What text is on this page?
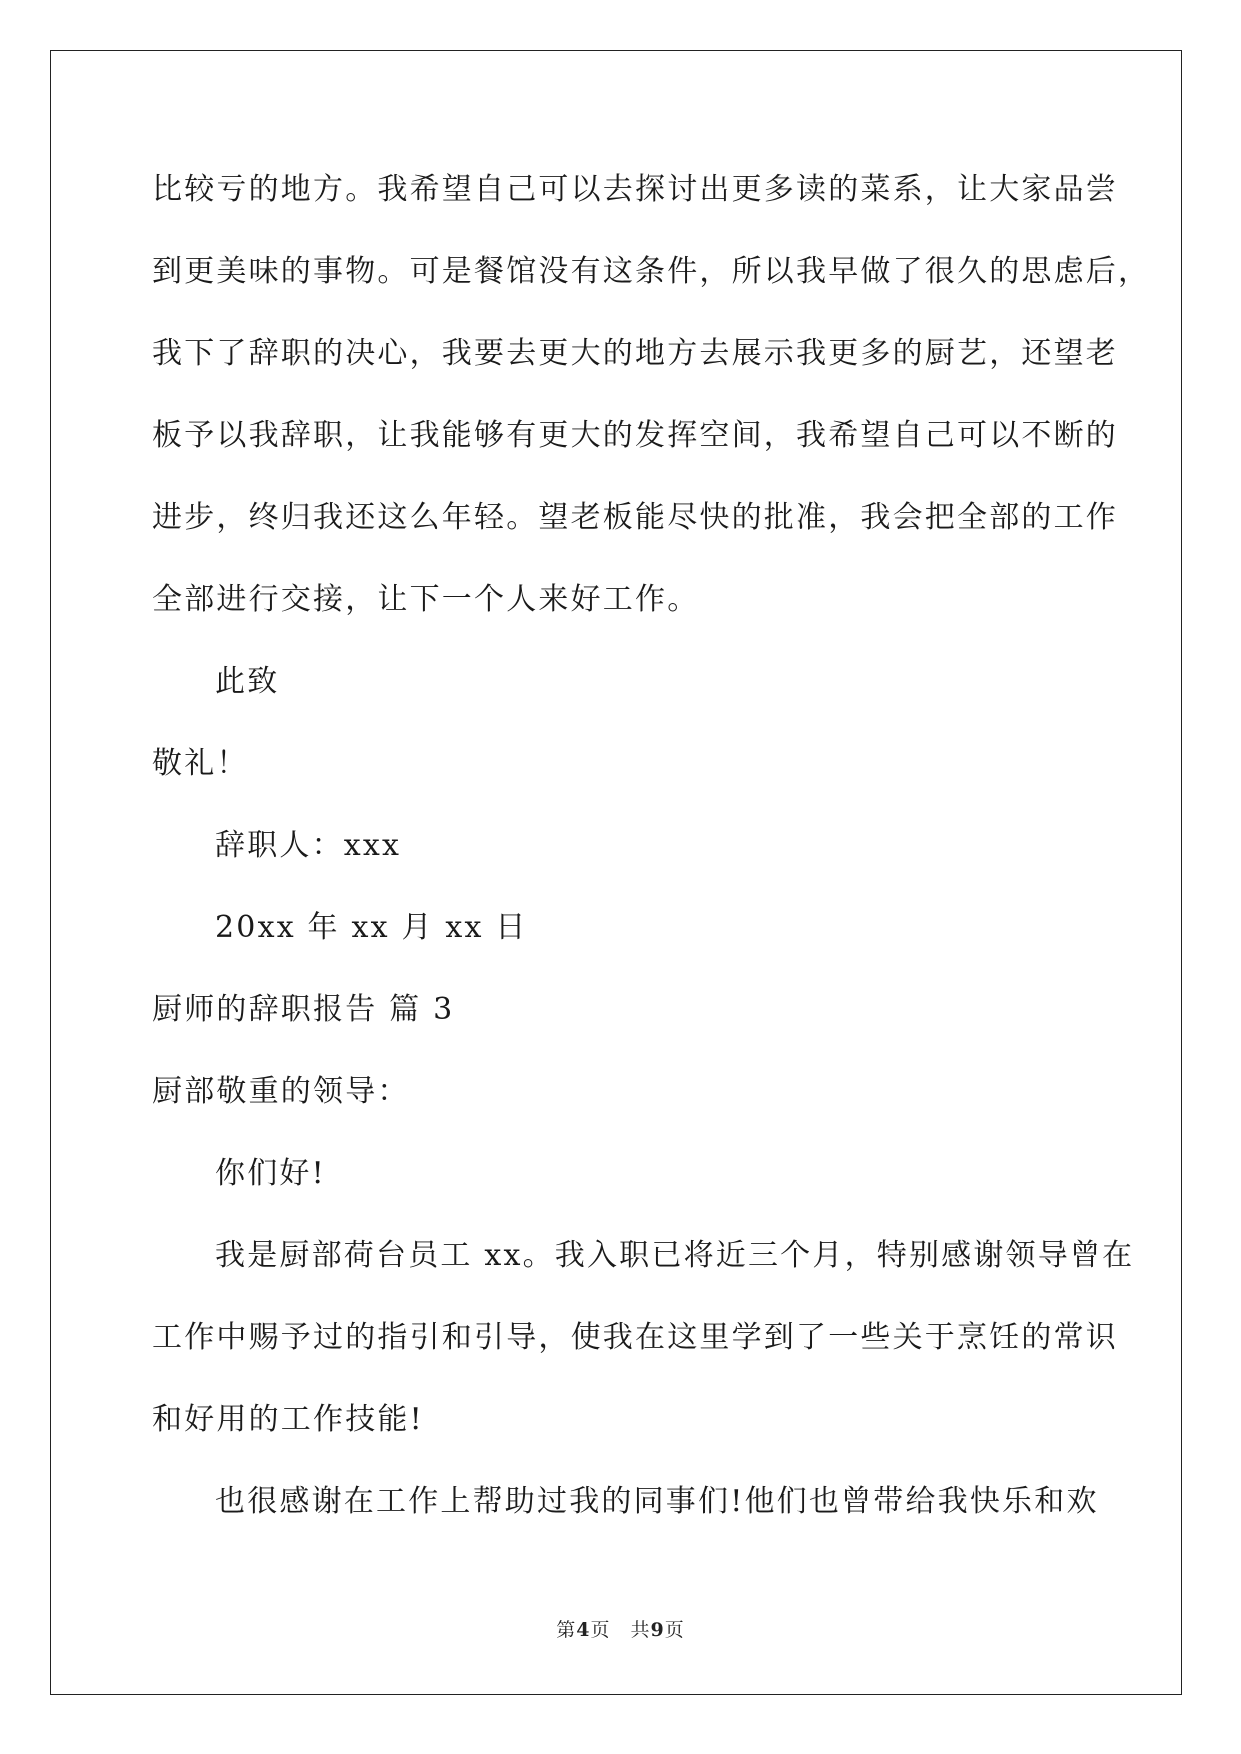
比较亏的地方。我希望自己可以去探讨出更多读的菜系，让大家品尝
到更美味的事物。可是餐馆没有这条件，所以我早做了很久的思虑后，
我下了辞职的决心，我要去更大的地方去展示我更多的厨艺，还望老
板予以我辞职，让我能够有更大的发挥空间，我希望自己可以不断的
进步，终归我还这么年轻。望老板能尽快的批准，我会把全部的工作
全部进行交接，让下一个人来好工作。
此致
敬礼！
辞职人：xxx
20xx 年 xx 月 xx 日
厨师的辞职报告 篇 3
厨部敬重的领导：
你们好!
我是厨部荷台员工 xx。我入职已将近三个月，特别感谢领导曾在
工作中赐予过的指引和引导，使我在这里学到了一些关于烹饪的常识
和好用的工作技能!
也很感谢在工作上帮助过我的同事们!他们也曾带给我快乐和欢
第4页　共9页
